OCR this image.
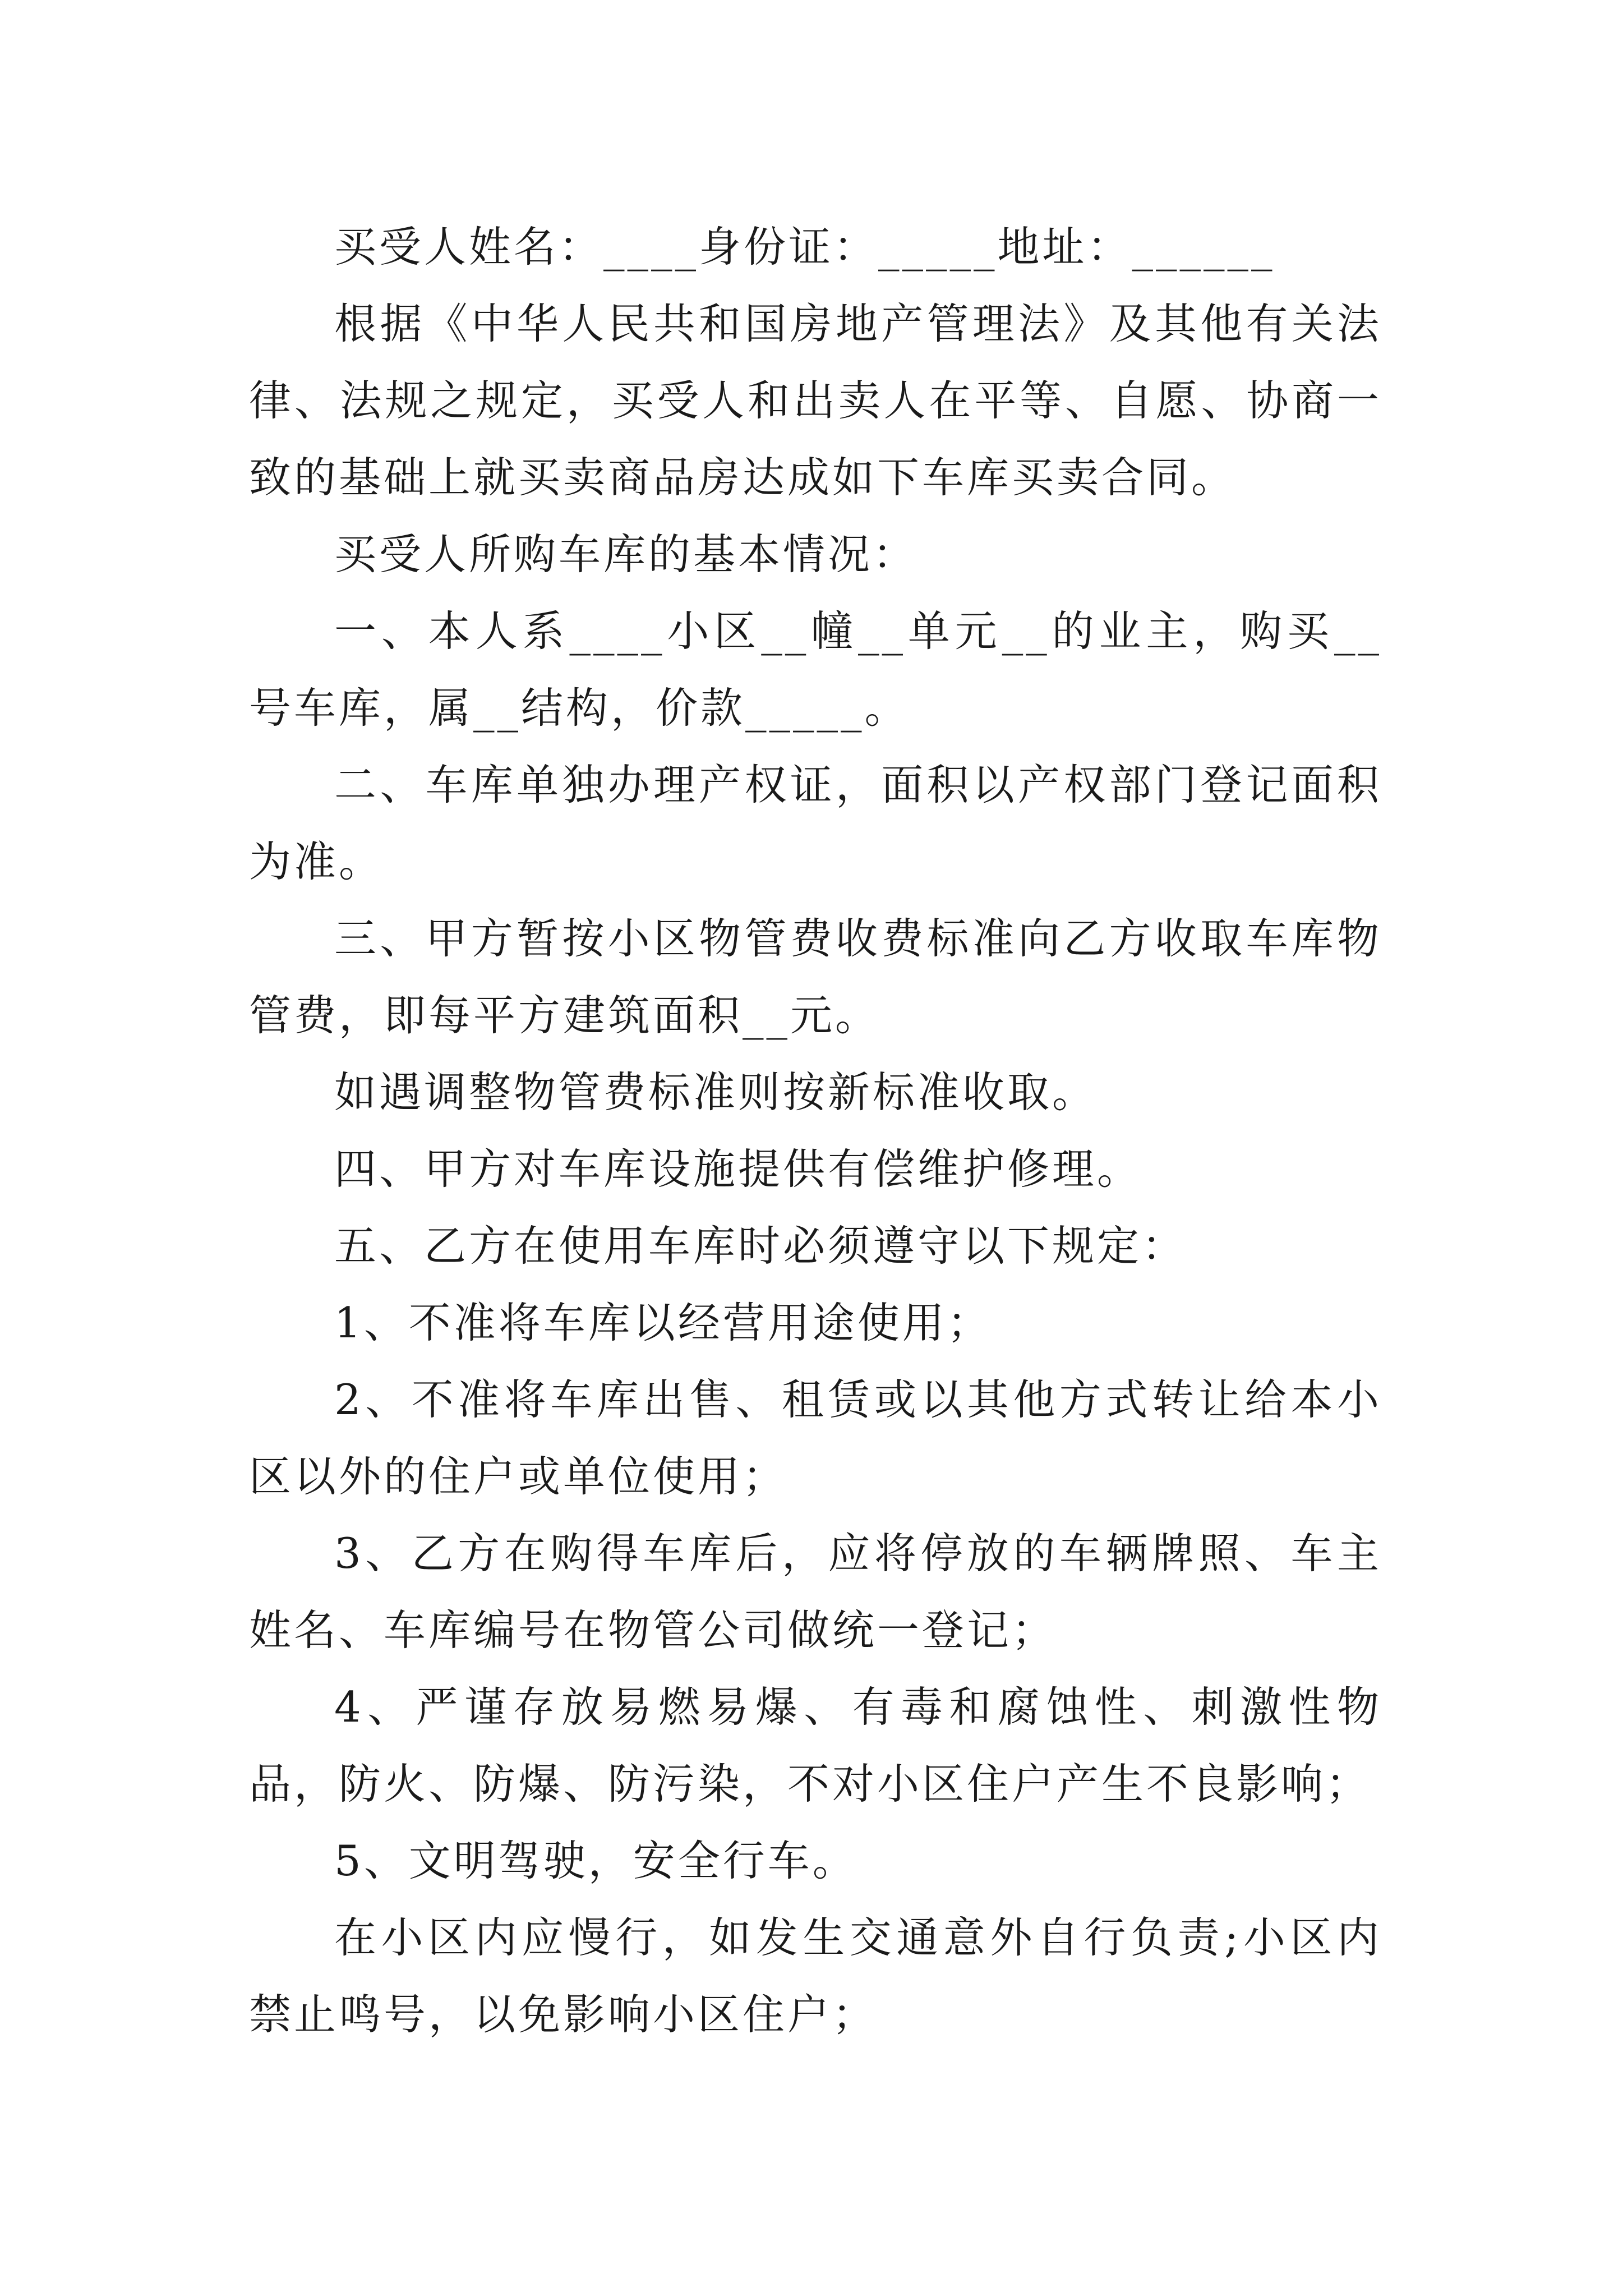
买受人姓名：____身份证：_____地址：______

根据《中华人民共和国房地产管理法》及其他有关法律、法规之规定，买受人和出卖人在平等、自愿、协商一致的基础上就买卖商品房达成如下车库买卖合同。

买受人所购车库的基本情况：

一、本人系____小区__幢__单元__的业主，购买__号车库，属__结构，价款_____。

二、车库单独办理产权证，面积以产权部门登记面积为准。

三、甲方暂按小区物管费收费标准向乙方收取车库物管费，即每平方建筑面积__元。

如遇调整物管费标准则按新标准收取。

四、甲方对车库设施提供有偿维护修理。

五、乙方在使用车库时必须遵守以下规定：

1、不准将车库以经营用途使用；

2、不准将车库出售、租赁或以其他方式转让给本小区以外的住户或单位使用；

3、乙方在购得车库后，应将停放的车辆牌照、车主姓名、车库编号在物管公司做统一登记；

4、严谨存放易燃易爆、有毒和腐蚀性、刺激性物品，防火、防爆、防污染，不对小区住户产生不良影响；

5、文明驾驶，安全行车。

在小区内应慢行，如发生交通意外自行负责;小区内禁止鸣号，以免影响小区住户；
